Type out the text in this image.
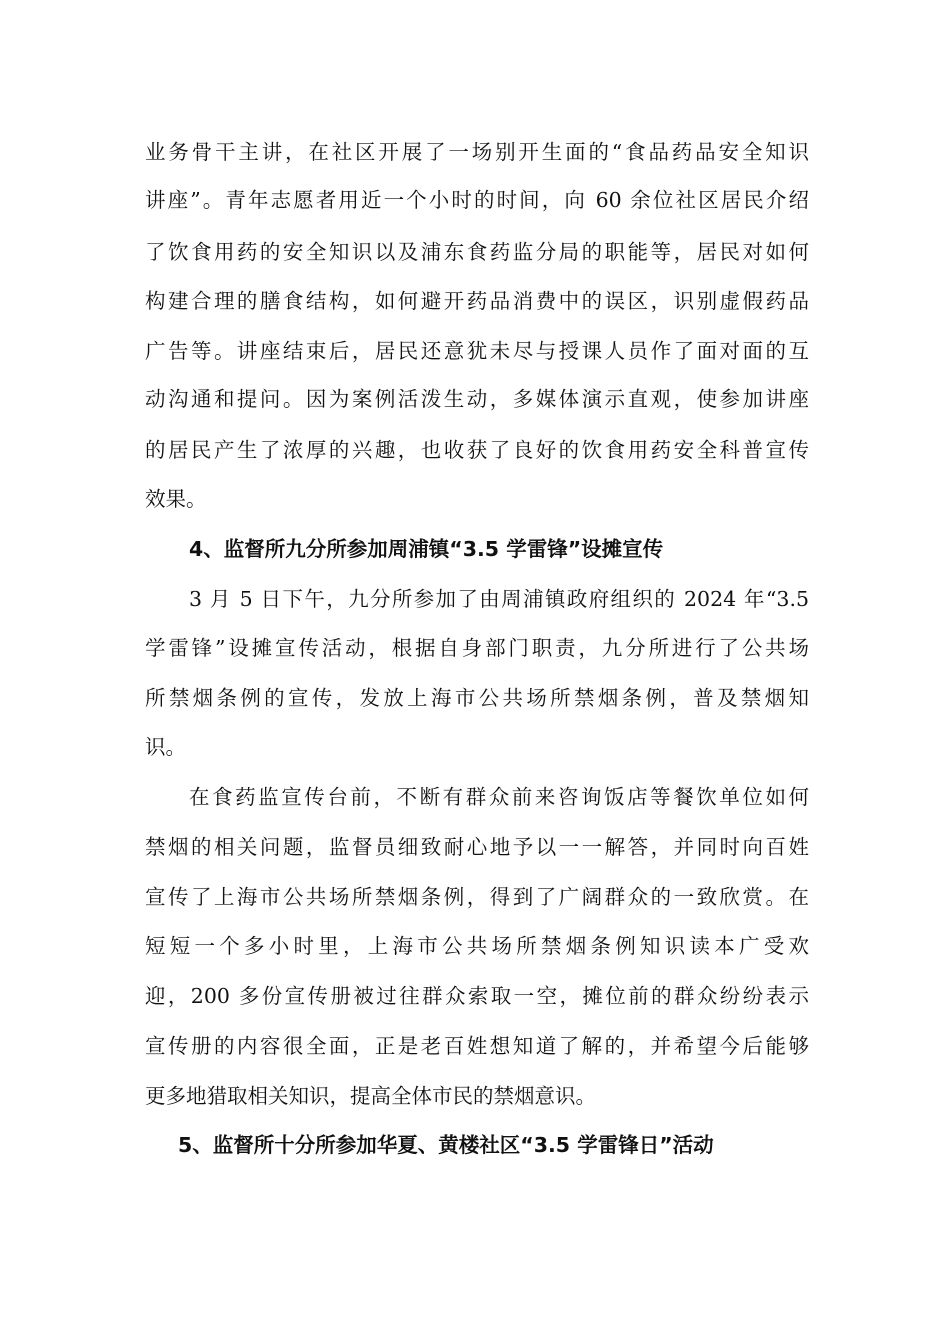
业务骨干主讲，在社区开展了一场别开生面的“食品药品安全知识
讲座”。青年志愿者用近一个小时的时间，向 60 余位社区居民介绍
了饮食用药的安全知识以及浦东食药监分局的职能等，居民对如何
构建合理的膳食结构，如何避开药品消费中的误区，识别虚假药品
广告等。讲座结束后，居民还意犹未尽与授课人员作了面对面的互
动沟通和提问。因为案例活泼生动，多媒体演示直观，使参加讲座
的居民产生了浓厚的兴趣，也收获了良好的饮食用药安全科普宣传
效果。
4、监督所九分所参加周浦镇“3.5 学雷锋”设摊宣传
3 月 5 日下午，九分所参加了由周浦镇政府组织的 2024 年“3.5
学雷锋”设摊宣传活动，根据自身部门职责，九分所进行了公共场
所禁烟条例的宣传，发放上海市公共场所禁烟条例，普及禁烟知
识。
在食药监宣传台前，不断有群众前来咨询饭店等餐饮单位如何
禁烟的相关问题，监督员细致耐心地予以一一解答，并同时向百姓
宣传了上海市公共场所禁烟条例，得到了广阔群众的一致欣赏。在
短短一个多小时里，上海市公共场所禁烟条例知识读本广受欢
迎，200 多份宣传册被过往群众索取一空，摊位前的群众纷纷表示
宣传册的内容很全面，正是老百姓想知道了解的，并希望今后能够
更多地猎取相关知识，提高全体市民的禁烟意识。
5、监督所十分所参加华夏、黄楼社区“3.5 学雷锋日”活动
